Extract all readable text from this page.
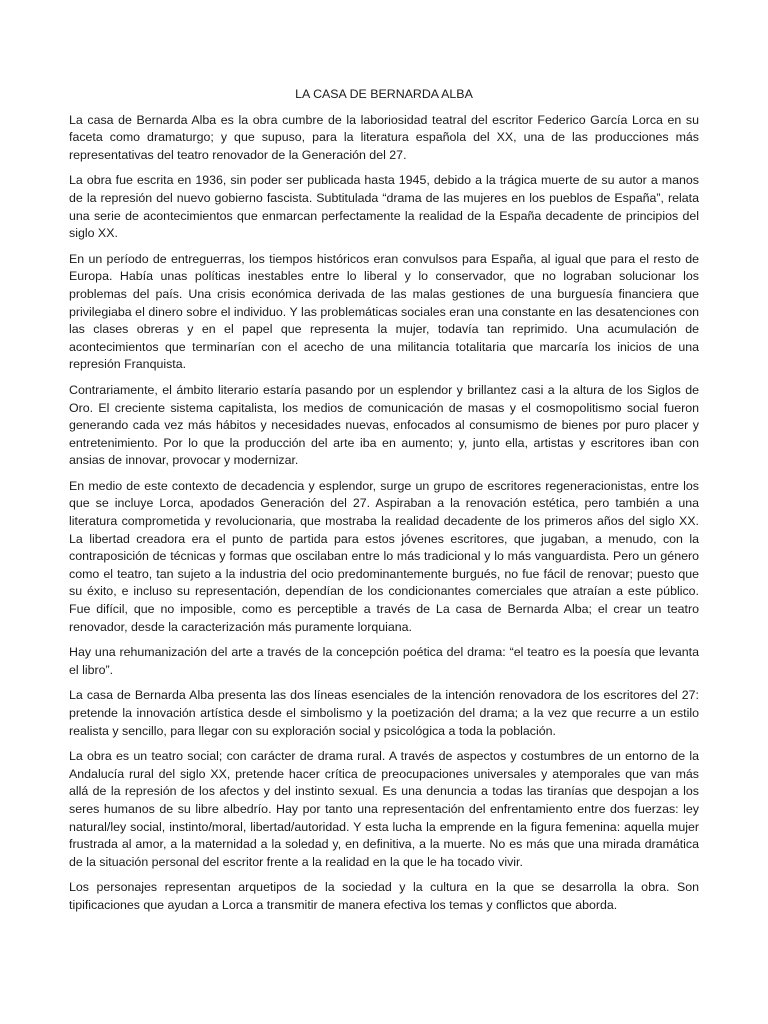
LA CASA DE BERNARDA ALBA

La casa de Bernarda Alba es la obra cumbre de la laboriosidad teatral del escritor Federico García Lorca en su faceta como dramaturgo; y que supuso, para la literatura española del XX, una de las producciones más representativas del teatro renovador de la Generación del 27.

La obra fue escrita en 1936, sin poder ser publicada hasta 1945, debido a la trágica muerte de su autor a manos de la represión del nuevo gobierno fascista. Subtitulada “drama de las mujeres en los pueblos de España”, relata una serie de acontecimientos que enmarcan perfectamente la realidad de la España decadente de principios del siglo XX.

En un período de entreguerras, los tiempos históricos eran convulsos para España, al igual que para el resto de Europa. Había unas políticas inestables entre lo liberal y lo conservador, que no lograban solucionar los problemas del país. Una crisis económica derivada de las malas gestiones de una burguesía financiera que privilegiaba el dinero sobre el individuo. Y las problemáticas sociales eran una constante en las desatenciones con las clases obreras y en el papel que representa la mujer, todavía tan reprimido. Una acumulación de acontecimientos que terminarían con el acecho de una militancia totalitaria que marcaría los inicios de una represión Franquista.

Contrariamente, el ámbito literario estaría pasando por un esplendor y brillantez casi a la altura de los Siglos de Oro. El creciente sistema capitalista, los medios de comunicación de masas y el cosmopolitismo social fueron generando cada vez más hábitos y necesidades nuevas, enfocados al consumismo de bienes por puro placer y entretenimiento. Por lo que la producción del arte iba en aumento; y, junto ella, artistas y escritores iban con ansias de innovar, provocar y modernizar.

En medio de este contexto de decadencia y esplendor, surge un grupo de escritores regeneracionistas, entre los que se incluye Lorca, apodados Generación del 27. Aspiraban a la renovación estética, pero también a una literatura comprometida y revolucionaria, que mostraba la realidad decadente de los primeros años del siglo XX. La libertad creadora era el punto de partida para estos jóvenes escritores, que jugaban, a menudo, con la contraposición de técnicas y formas que oscilaban entre lo más tradicional y lo más vanguardista. Pero un género como el teatro, tan sujeto a la industria del ocio predominantemente burgués, no fue fácil de renovar; puesto que su éxito, e incluso su representación, dependían de los condicionantes comerciales que atraían a este público. Fue difícil, que no imposible, como es perceptible a través de La casa de Bernarda Alba; el crear un teatro renovador, desde la caracterización más puramente lorquiana.

Hay una rehumanización del arte a través de la concepción poética del drama: “el teatro es la poesía que levanta el libro”.

La casa de Bernarda Alba presenta las dos líneas esenciales de la intención renovadora de los escritores del 27: pretende la innovación artística desde el simbolismo y la poetización del drama; a la vez que recurre a un estilo realista y sencillo, para llegar con su exploración social y psicológica a toda la población.

La obra es un teatro social; con carácter de drama rural. A través de aspectos y costumbres de un entorno de la Andalucía rural del siglo XX, pretende hacer crítica de preocupaciones universales y atemporales que van más allá de la represión de los afectos y del instinto sexual. Es una denuncia a todas las tiranías que despojan a los seres humanos de su libre albedrío. Hay por tanto una representación del enfrentamiento entre dos fuerzas: ley natural/ley social, instinto/moral, libertad/autoridad. Y esta lucha la emprende en la figura femenina: aquella mujer frustrada al amor, a la maternidad a la soledad y, en definitiva, a la muerte. No es más que una mirada dramática de la situación personal del escritor frente a la realidad en la que le ha tocado vivir.

Los personajes representan arquetipos de la sociedad y la cultura en la que se desarrolla la obra. Son tipificaciones que ayudan a Lorca a transmitir de manera efectiva los temas y conflictos que aborda.
